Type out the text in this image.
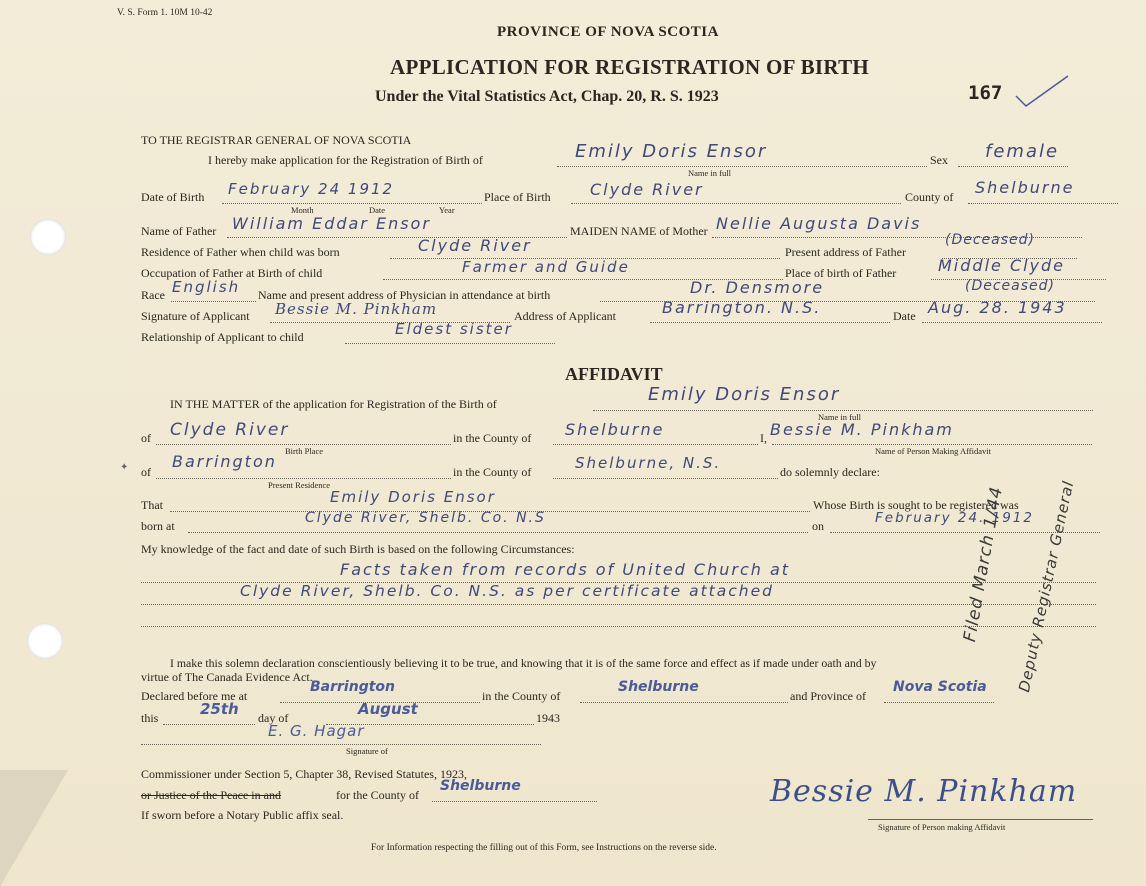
V. S. Form 1. 10M 10-42
PROVINCE OF NOVA SCOTIA
APPLICATION FOR REGISTRATION OF BIRTH
Under the Vital Statistics Act, Chap. 20, R. S. 1923	167
TO THE REGISTRAR GENERAL OF NOVA SCOTIA
I hereby make application for the Registration of Birth of	Emily Doris Ensor
Name in full
Sex female
Date of Birth February 24 1912
Month	Date	Year
Place of Birth Clyde River	County of Shelburne
Name of Father William Eddar Ensor	MAIDEN NAME of Mother Nellie Augusta Davis
Residence of Father when child was born	Clyde River	Present address of Father
(Deceased)
Occupation of Father at Birth of child	Farmer and Guide	Place of birth of Father	Middle Clyde
Race English Name and present address of Physician in attendance at birth	Dr. Densmore	(Deceased)
Signature of Applicant Bessie M. Pinkham	Address of Applicant	Barrington. N.S.	Date Aug. 28. 1943
Relationship of Applicant to child	Eldest sister
AFFIDAVIT
IN THE MATTER of the application for Registration of the Birth of	Emily Doris Ensor
Name in full
of Clyde River
Birth Place
in the County of Shelburne	I, Bessie M. Pinkham
Name of Person Making Affidavit
✦ of
Barrington
Present Residence
in the County of	Shelburne, N.S.	do solemnly declare:
That	Emily Doris Ensor	Whose Birth is sought to be registered was
born at	Clyde River, Shelb. Co. N.S	on	February 24. 1912
My knowledge of the fact and date of such Birth is based on the following Circumstances:
Facts taken from records of United Church at
Clyde River, Shelb. Co. N.S. as per certificate attached
I make this solemn declaration conscientiously believing it to be true, and knowing that it is of the same force and effect as if made under oath and by
virtue of The Canada Evidence Act.
Declared before me at
Barrington
in the County of
Shelburne
and Province of
Nova Scotia
this	25th day of	August	1943
E. G. Hagar
Signature of
Commissioner under Section 5, Chapter 38, Revised Statutes, 1923,
or Justice of the Peace in and	for the County of
Shelburne
If sworn before a Notary Public affix seal.
Bessie M. Pinkham
Signature of Person making Affidavit
For Information respecting the filling out of this Form, see Instructions on the reverse side.
Filed March 1/44 Deputy Registrar General
